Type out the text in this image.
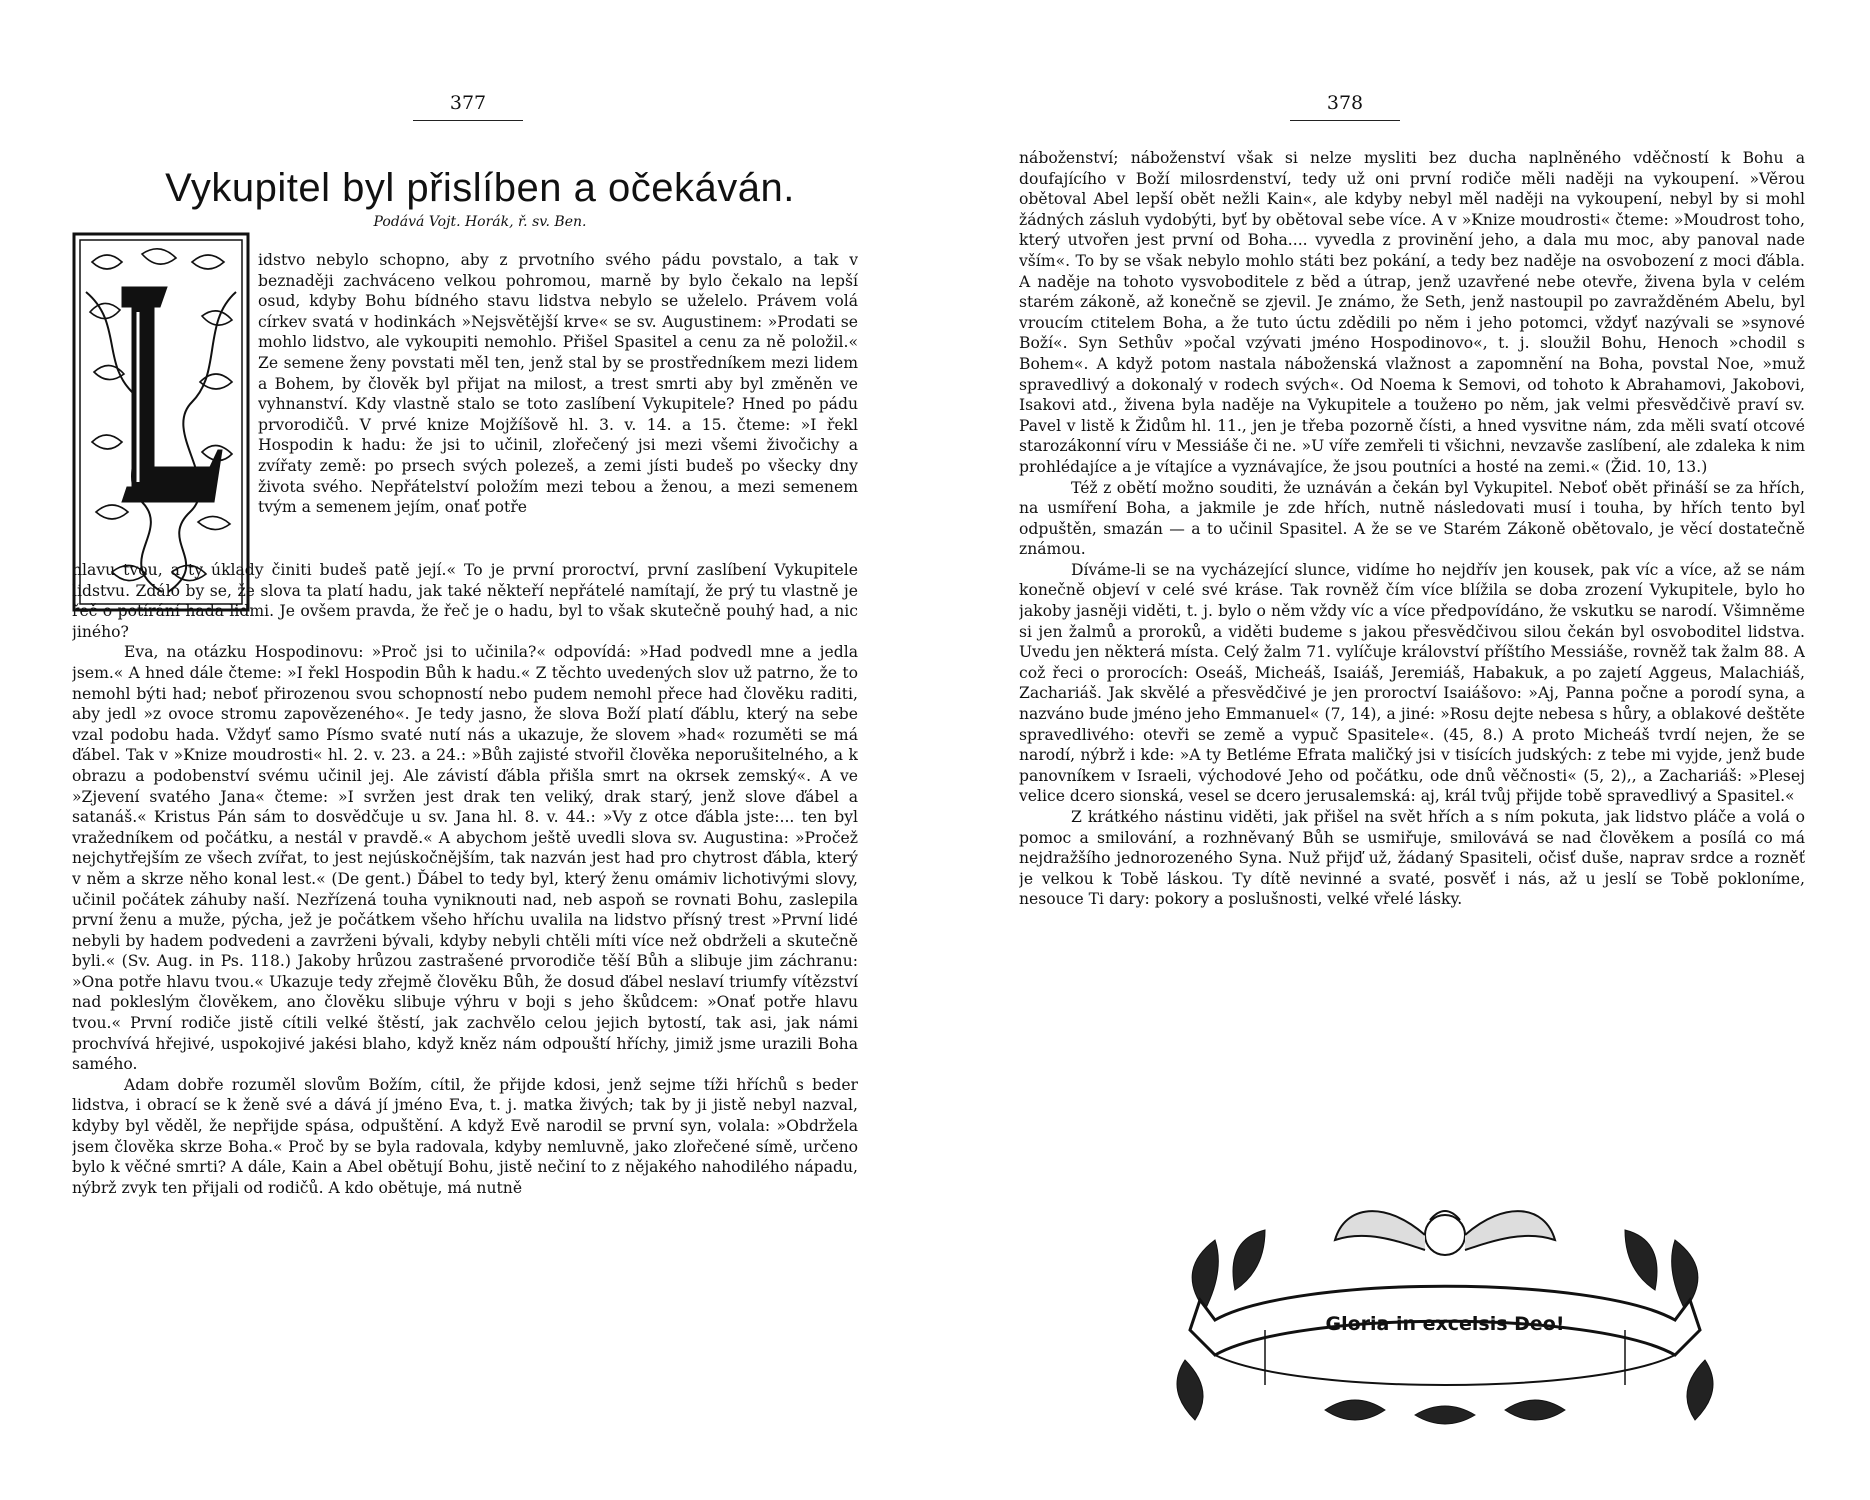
377
Vykupitel byl přislíben a očekáván.
Podává Vojt. Horák, ř. sv. Ben.

idstvo nebylo schopno, aby z prvotního svého pádu povstalo, a tak v beznaději zachváceno velkou pohromou, marně by bylo čekalo na lepší osud, kdyby Bohu bídného stavu lidstva nebylo se uželelo. Právem volá církev svatá v hodinkách »Nejsvětější krve« se sv. Augustinem: »Prodati se mohlo lidstvo, ale vykoupiti nemohlo. Přišel Spasitel a cenu za ně položil.« Ze semene ženy povstati měl ten, jenž stal by se prostředníkem mezi lidem a Bohem, by člověk byl přijat na milost, a trest smrti aby byl změněn ve vyhnanství. Kdy vlastně stalo se toto zaslíbení Vykupitele? Hned po pádu prvorodičů. V prvé knize Mojžíšově hl. 3. v. 14. a 15. čteme: »I řekl Hospodin k hadu: že jsi to učinil, zlořečený jsi mezi všemi živočichy a zvířaty země: po prsech svých polezeš, a zemi jísti budeš po všecky dny života svého. Nepřátelství položím mezi tebou a ženou, a mezi semenem tvým a semenem jejím, onať potře

hlavu tvou, a ty úklady činiti budeš patě její.« To je první proroctví, první zaslíbení Vykupitele lidstvu. Zdálo by se, že slova ta platí hadu, jak také někteří nepřátelé namítají, že prý tu vlastně je řeč o potírání hada lidmi. Je ovšem pravda, že řeč je o hadu, byl to však skutečně pouhý had, a nic jiného?

Eva, na otázku Hospodinovu: »Proč jsi to učinila?« odpovídá: »Had podvedl mne a jedla jsem.« A hned dále čteme: »I řekl Hospodin Bůh k hadu.« Z těchto uvedených slov už patrno, že to nemohl býti had; neboť přirozenou svou schopností nebo pudem nemohl přece had člověku raditi, aby jedl »z ovoce stromu zapovězeného«. Je tedy jasno, že slova Boží platí ďáblu, který na sebe vzal podobu hada. Vždyť samo Písmo svaté nutí nás a ukazuje, že slovem »had« rozuměti se má ďábel. Tak v »Knize moudrosti« hl. 2. v. 23. a 24.: »Bůh zajisté stvořil člověka neporušitelného, a k obrazu a podobenství svému učinil jej. Ale závistí ďábla přišla smrt na okrsek zemský«. A ve »Zjevení svatého Jana« čteme: »I svržen jest drak ten veliký, drak starý, jenž slove ďábel a satanáš.« Kristus Pán sám to dosvědčuje u sv. Jana hl. 8. v. 44.: »Vy z otce ďábla jste:... ten byl vražedníkem od počátku, a nestál v pravdě.« A abychom ještě uvedli slova sv. Augustina: »Pročež nejchytřejším ze všech zvířat, to jest nejúskočnějším, tak nazván jest had pro chytrost ďábla, který v něm a skrze něho konal lest.« (De gent.) Ďábel to tedy byl, který ženu omámiv lichotivými slovy, učinil počátek záhuby naší. Nezřízená touha vyniknouti nad, neb aspoň se rovnati Bohu, zaslepila první ženu a muže, pýcha, jež je počátkem všeho hříchu uvalila na lidstvo přísný trest »První lidé nebyli by hadem podvedeni a zavrženi bývali, kdyby nebyli chtěli míti více než obdrželi a skutečně byli.« (Sv. Aug. in Ps. 118.) Jakoby hrůzou zastrašené prvorodiče těší Bůh a slibuje jim záchranu: »Ona potře hlavu tvou.« Ukazuje tedy zřejmě člověku Bůh, že dosud ďábel neslaví triumfy vítězství nad pokleslým člověkem, ano člověku slibuje výhru v boji s jeho škůdcem: »Onať potře hlavu tvou.« První rodiče jistě cítili velké štěstí, jak zachvělo celou jejich bytostí, tak asi, jak námi prochvívá hřejivé, uspokojivé jakési blaho, když kněz nám odpouští hříchy, jimiž jsme urazili Boha samého.

Adam dobře rozuměl slovům Božím, cítil, že přijde kdosi, jenž sejme tíži hříchů s beder lidstva, i obrací se k ženě své a dává jí jméno Eva, t. j. matka živých; tak by ji jistě nebyl nazval, kdyby byl věděl, že nepřijde spása, odpuštění. A když Evě narodil se první syn, volala: »Obdržela jsem člověka skrze Boha.« Proč by se byla radovala, kdyby nemluvně, jako zlořečené símě, určeno bylo k věčné smrti? A dále, Kain a Abel obětují Bohu, jistě nečiní to z nějakého nahodilého nápadu, nýbrž zvyk ten přijali od rodičů. A kdo obětuje, má nutně

378

náboženství; náboženství však si nelze mysliti bez ducha naplněného vděčností k Bohu a doufajícího v Boží milosrdenství, tedy už oni první rodiče měli naději na vykoupení. »Věrou obětoval Abel lepší obět nežli Kain«, ale kdyby nebyl měl naději na vykoupení, nebyl by si mohl žádných zásluh vydobýti, byť by obětoval sebe více. A v »Knize moudrosti« čteme: »Moudrost toho, který utvořen jest první od Boha.... vyvedla z provinění jeho, a dala mu moc, aby panoval nade vším«. To by se však nebylo mohlo státi bez pokání, a tedy bez naděje na osvobození z moci ďábla. A naděje na tohoto vysvoboditele z běd a útrap, jenž uzavřené nebe otevře, živena byla v celém starém zákoně, až konečně se zjevil. Je známo, že Seth, jenž nastoupil po zavražděném Abelu, byl vroucím ctitelem Boha, a že tuto úctu zdědili po něm i jeho potomci, vždyť nazývali se »synové Boží«. Syn Sethův »počal vzývati jméno Hospodinovo«, t. j. sloužil Bohu, Henoch »chodil s Bohem«. A když potom nastala náboženská vlažnost a zapomnění na Boha, povstal Noe, »muž spravedlivý a dokonalý v rodech svých«. Od Noema k Semovi, od tohoto k Abrahamovi, Jakobovi, Isakovi atd., živena byla naděje na Vykupitele a toužено po něm, jak velmi přesvědčivě praví sv. Pavel v listě k Židům hl. 11., jen je třeba pozorně čísti, a hned vysvitne nám, zda měli svatí otcové starozákonní víru v Messiáše či ne. »U víře zemřeli ti všichni, nevzavše zaslíbení, ale zdaleka k nim prohlédajíce a je vítajíce a vyznávajíce, že jsou poutníci a hosté na zemi.« (Žid. 10, 13.)

Též z obětí možno souditi, že uznáván a čekán byl Vykupitel. Neboť obět přináší se za hřích, na usmíření Boha, a jakmile je zde hřích, nutně následovati musí i touha, by hřích tento byl odpuštěn, smazán — a to učinil Spasitel. A že se ve Starém Zákoně obětovalo, je věcí dostatečně známou.

Díváme-li se na vycházející slunce, vidíme ho nejdřív jen kousek, pak víc a více, až se nám konečně objeví v celé své kráse. Tak rovněž čím více blížila se doba zrození Vykupitele, bylo ho jakoby jasněji viděti, t. j. bylo o něm vždy víc a více předpovídáno, že vskutku se narodí. Všimněme si jen žalmů a proroků, a viděti budeme s jakou přesvědčivou silou čekán byl osvoboditel lidstva. Uvedu jen některá místa. Celý žalm 71. vylíčuje království příštího Messiáše, rovněž tak žalm 88. A což řeci o prorocích: Oseáš, Micheáš, Isaiáš, Jeremiáš, Habakuk, a po zajetí Aggeus, Malachiáš, Zachariáš. Jak skvělé a přesvědčivé je jen proroctví Isaiášovo: »Aj, Panna počne a porodí syna, a nazváno bude jméno jeho Emmanuel« (7, 14), a jiné: »Rosu dejte nebesa s hůry, a oblakové deštěte spravedlivého: otevři se země a vypuč Spasitele«. (45, 8.) A proto Micheáš tvrdí nejen, že se narodí, nýbrž i kde: »A ty Betléme Efrata maličký jsi v tisících judských: z tebe mi vyjde, jenž bude panovníkem v Israeli, východové Jeho od počátku, ode dnů věčnosti« (5, 2),, a Zachariáš: »Plesej velice dcero sionská, vesel se dcero jerusalemská: aj, král tvůj přijde tobě spravedlivý a Spasitel.«

Z krátkého nástinu viděti, jak přišel na svět hřích a s ním pokuta, jak lidstvo pláče a volá o pomoc a smilování, a rozhněvaný Bůh se usmiřuje, smilovává se nad člověkem a posílá co má nejdražšího jednorozeného Syna. Nuž přijď už, žádaný Spasiteli, očisť duše, naprav srdce a rozněť je velkou k Tobě láskou. Ty dítě nevinné a svaté, posvěť i nás, až u jeslí se Tobě pokloníme, nesouce Ti dary: pokory a poslušnosti, velké vřelé lásky.

Gloria in excelsis Deo!
